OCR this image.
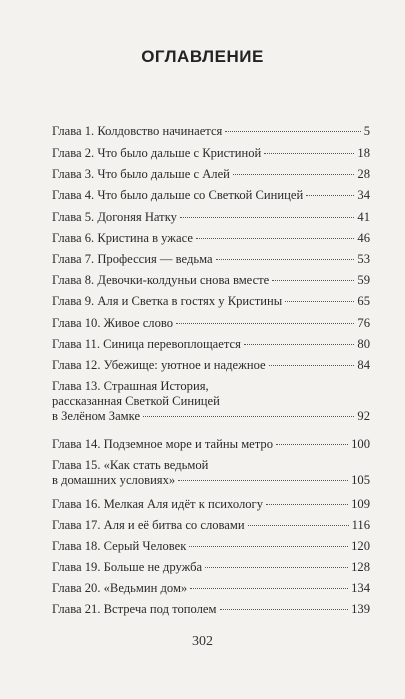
ОГЛАВЛЕНИЕ
Глава 1. Колдовство начинается	5
Глава 2. Что было дальше с Кристиной	18
Глава 3. Что было дальше с Алей	28
Глава 4. Что было дальше со Светкой Синицей	34
Глава 5. Догоняя Натку	41
Глава 6. Кристина в ужасе	46
Глава 7. Профессия — ведьма	53
Глава 8. Девочки-колдуньи снова вместе	59
Глава 9. Аля и Светка в гостях у Кристины	65
Глава 10. Живое слово	76
Глава 11. Синица перевоплощается	80
Глава 12. Убежище: уютное и надежное	84
Глава 13. Страшная История,
рассказанная Светкой Синицей
в Зелёном Замке	92
Глава 14. Подземное море и тайны метро	100
Глава 15. «Как стать ведьмой
в домашних условиях»	105
Глава 16. Мелкая Аля идёт к психологу	109
Глава 17. Аля и её битва со словами	116
Глава 18. Серый Человек	120
Глава 19. Больше не дружба	128
Глава 20. «Ведьмин дом»	134
Глава 21. Встреча под тополем	139
302
